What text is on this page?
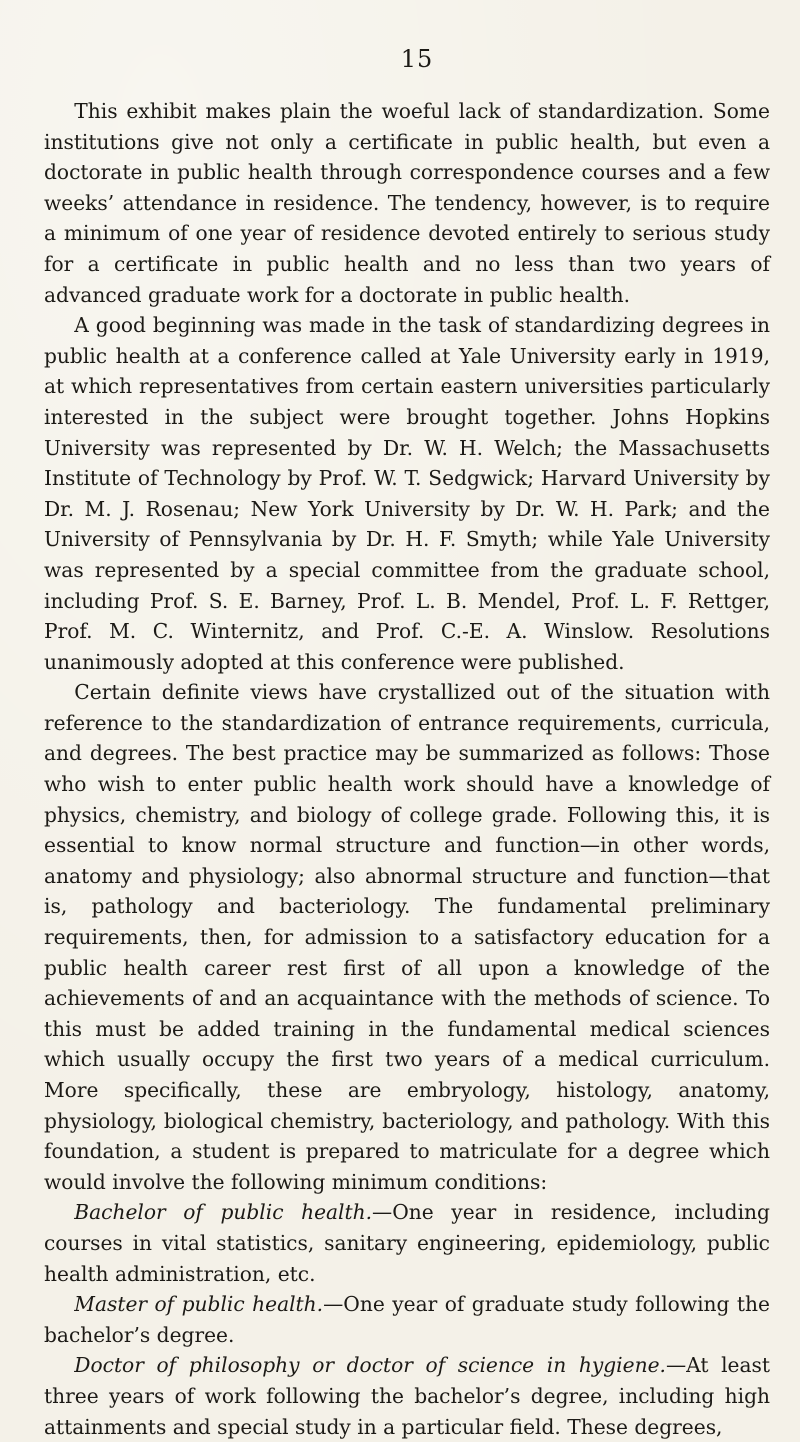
15

This exhibit makes plain the woeful lack of standardization. Some institutions give not only a certificate in public health, but even a doctorate in public health through correspondence courses and a few weeks’ attendance in residence. The tendency, however, is to require a minimum of one year of residence devoted entirely to serious study for a certificate in public health and no less than two years of advanced graduate work for a doctorate in public health.

A good beginning was made in the task of standardizing degrees in public health at a conference called at Yale University early in 1919, at which representatives from certain eastern universities particularly interested in the subject were brought together. Johns Hopkins University was represented by Dr. W. H. Welch; the Massachusetts Institute of Technology by Prof. W. T. Sedgwick; Harvard University by Dr. M. J. Rosenau; New York University by Dr. W. H. Park; and the University of Pennsylvania by Dr. H. F. Smyth; while Yale University was represented by a special committee from the graduate school, including Prof. S. E. Barney, Prof. L. B. Mendel, Prof. L. F. Rettger, Prof. M. C. Winternitz, and Prof. C.-E. A. Winslow. Resolutions unanimously adopted at this conference were published.

Certain definite views have crystallized out of the situation with reference to the standardization of entrance requirements, curricula, and degrees. The best practice may be summarized as follows: Those who wish to enter public health work should have a knowledge of physics, chemistry, and biology of college grade. Following this, it is essential to know normal structure and function—in other words, anatomy and physiology; also abnormal structure and function—that is, pathology and bacteriology. The fundamental preliminary requirements, then, for admission to a satisfactory education for a public health career rest first of all upon a knowledge of the achievements of and an acquaintance with the methods of science. To this must be added training in the fundamental medical sciences which usually occupy the first two years of a medical curriculum. More specifically, these are embryology, histology, anatomy, physiology, biological chemistry, bacteriology, and pathology. With this foundation, a student is prepared to matriculate for a degree which would involve the following minimum conditions:

Bachelor of public health.—One year in residence, including courses in vital statistics, sanitary engineering, epidemiology, public health administration, etc.

Master of public health.—One year of graduate study following the bachelor’s degree.

Doctor of philosophy or doctor of science in hygiene.—At least three years of work following the bachelor’s degree, including high attainments and special study in a particular field. These degrees,
